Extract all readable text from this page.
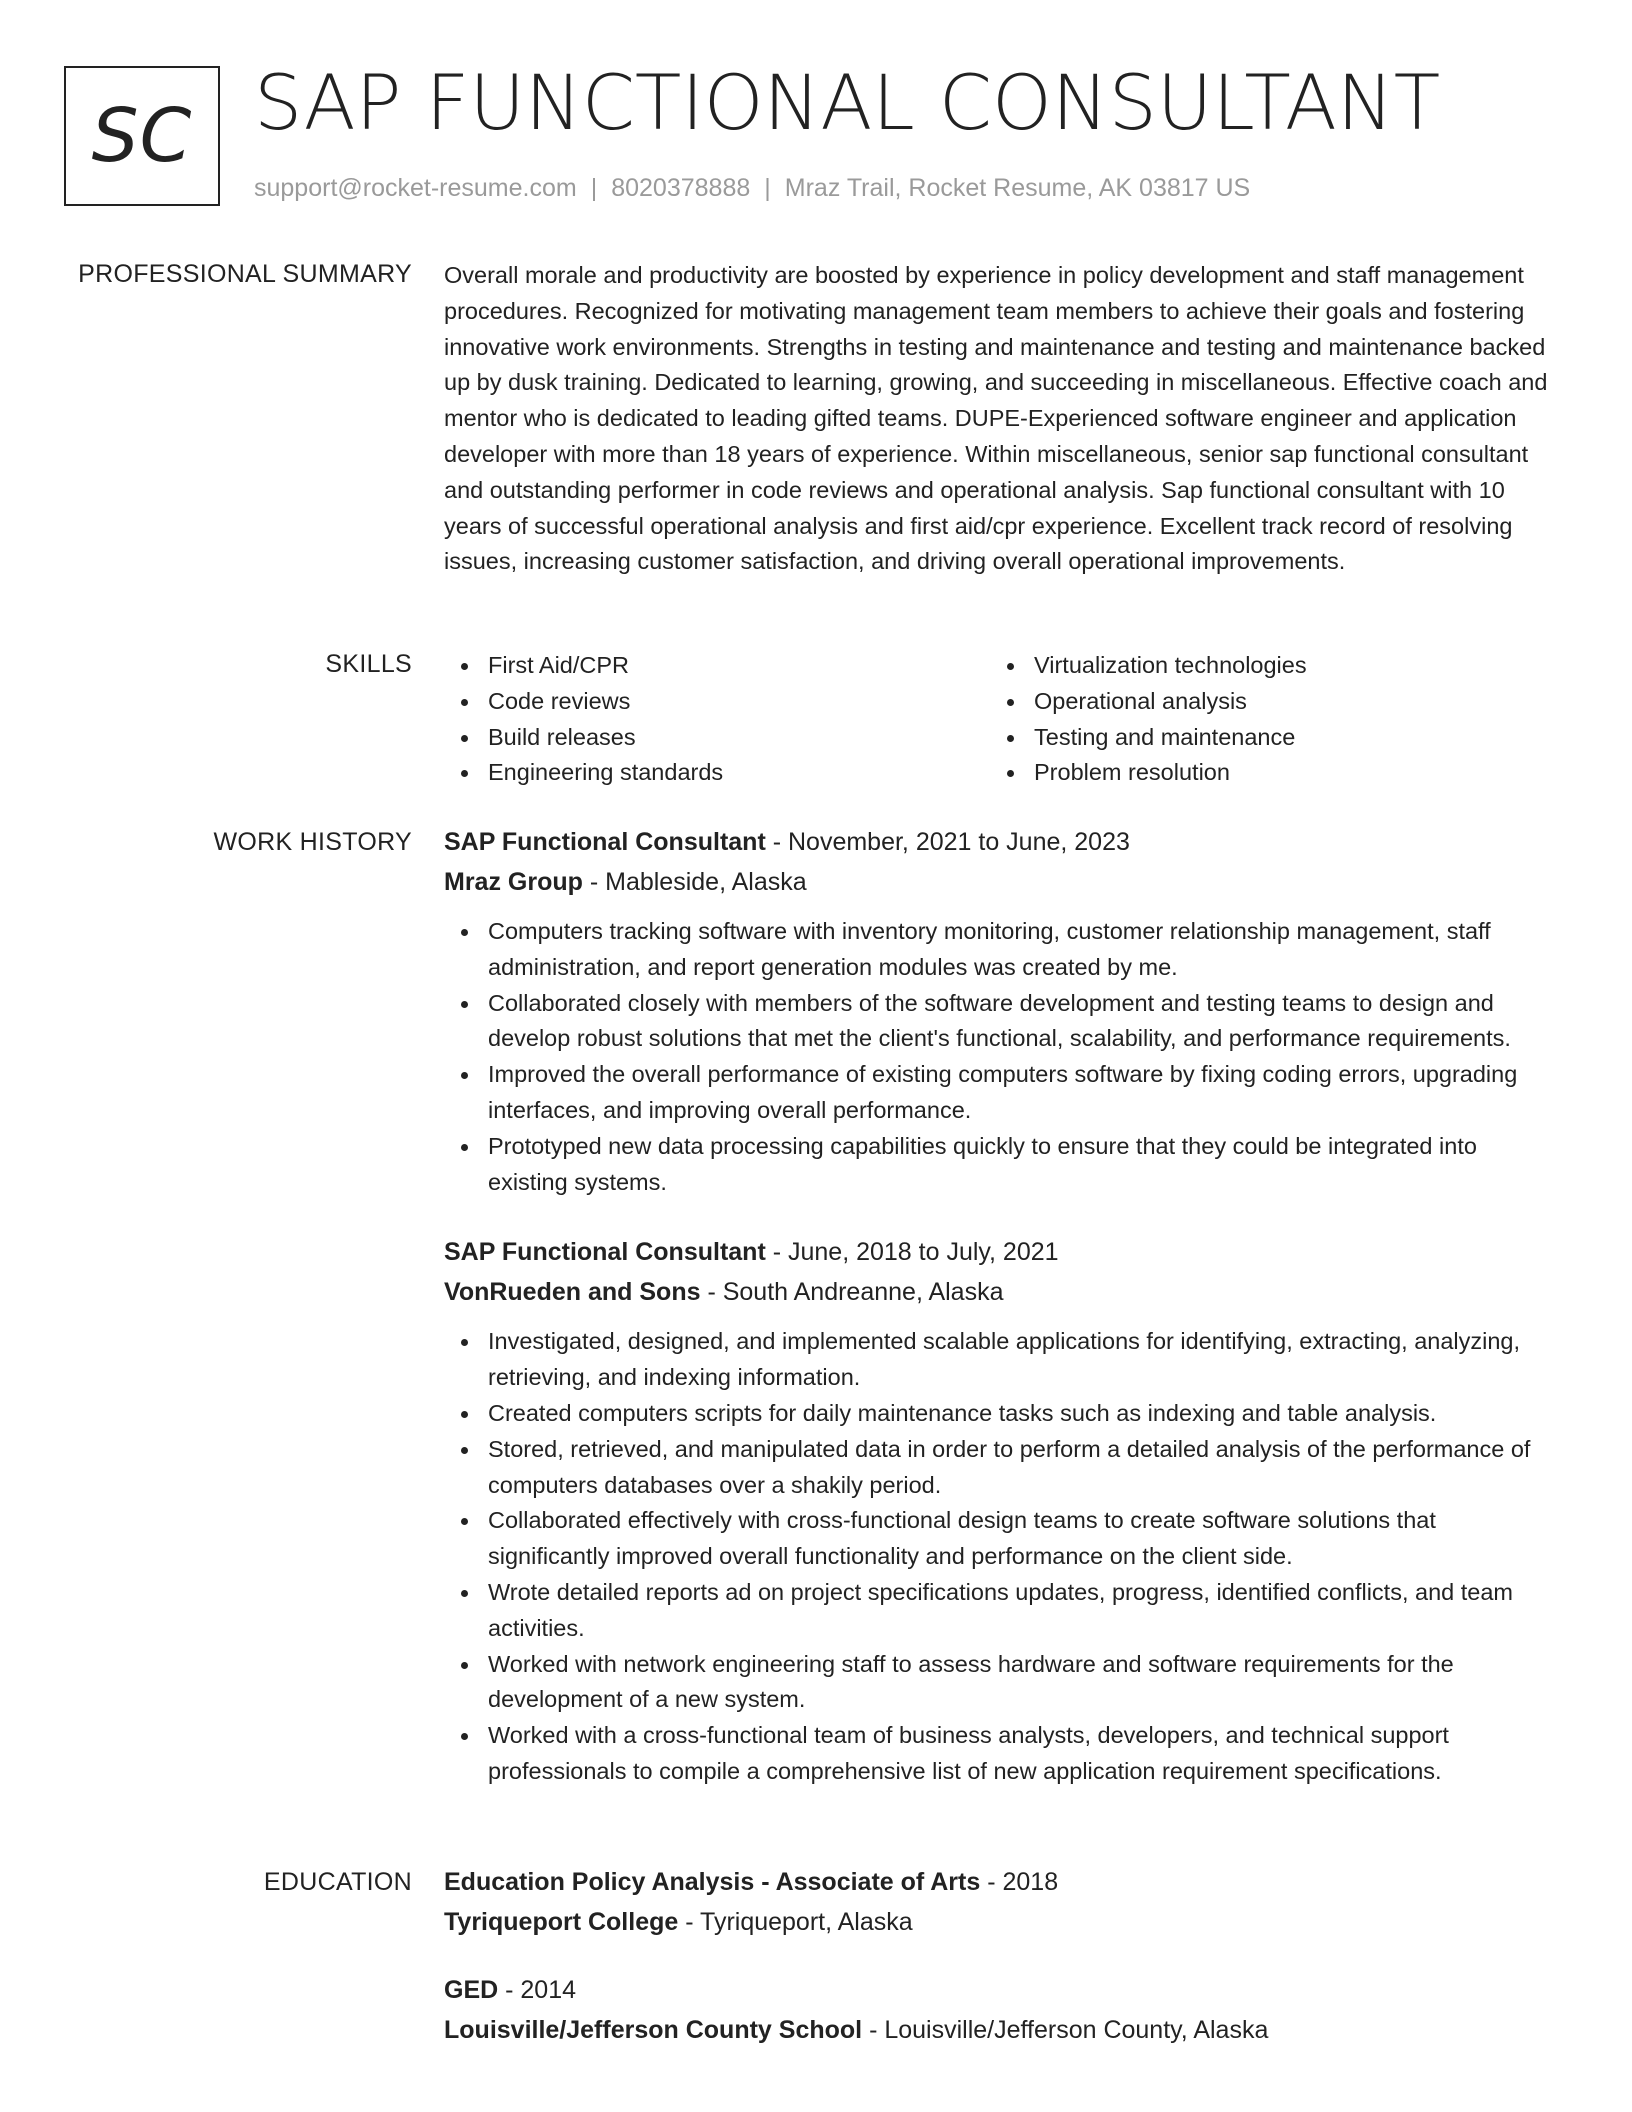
SC SAP FUNCTIONAL CONSULTANT
support@rocket-resume.com | 8020378888 | Mraz Trail, Rocket Resume, AK 03817 US
PROFESSIONAL SUMMARY Overall morale and productivity are boosted by experience in policy development and staff management procedures. Recognized for motivating management team members to achieve their goals and fostering innovative work environments. Strengths in testing and maintenance and testing and maintenance backed up by dusk training. Dedicated to learning, growing, and succeeding in miscellaneous. Effective coach and mentor who is dedicated to leading gifted teams. DUPE-Experienced software engineer and application developer with more than 18 years of experience. Within miscellaneous, senior sap functional consultant and outstanding performer in code reviews and operational analysis. Sap functional consultant with 10 years of successful operational analysis and first aid/cpr experience. Excellent track record of resolving issues, increasing customer satisfaction, and driving overall operational improvements.

SKILLS	First Aid/CPR
Code reviews
Build releases
Engineering standards
Virtualization technologies
Operational analysis
Testing and maintenance
Problem resolution
WORK HISTORY SAP Functional Consultant - November, 2021 to June, 2023
Mraz Group - Mableside, Alaska
Computers tracking software with inventory monitoring, customer relationship management, staff administration, and report generation modules was created by me.
Collaborated closely with members of the software development and testing teams to design and develop robust solutions that met the client's functional, scalability, and performance requirements.
Improved the overall performance of existing computers software by fixing coding errors, upgrading interfaces, and improving overall performance.
Prototyped new data processing capabilities quickly to ensure that they could be integrated into existing systems.
SAP Functional Consultant - June, 2018 to July, 2021
VonRueden and Sons - South Andreanne, Alaska
Investigated, designed, and implemented scalable applications for identifying, extracting, analyzing, retrieving, and indexing information.
Created computers scripts for daily maintenance tasks such as indexing and table analysis.
Stored, retrieved, and manipulated data in order to perform a detailed analysis of the performance of computers databases over a shakily period.
Collaborated effectively with cross-functional design teams to create software solutions that significantly improved overall functionality and performance on the client side.
Wrote detailed reports ad on project specifications updates, progress, identified conflicts, and team activities.
Worked with network engineering staff to assess hardware and software requirements for the development of a new system.
Worked with a cross-functional team of business analysts, developers, and technical support professionals to compile a comprehensive list of new application requirement specifications.
EDUCATION Education Policy Analysis - Associate of Arts - 2018
Tyriqueport College - Tyriqueport, Alaska
GED - 2014
Louisville/Jefferson County School - Louisville/Jefferson County, Alaska
